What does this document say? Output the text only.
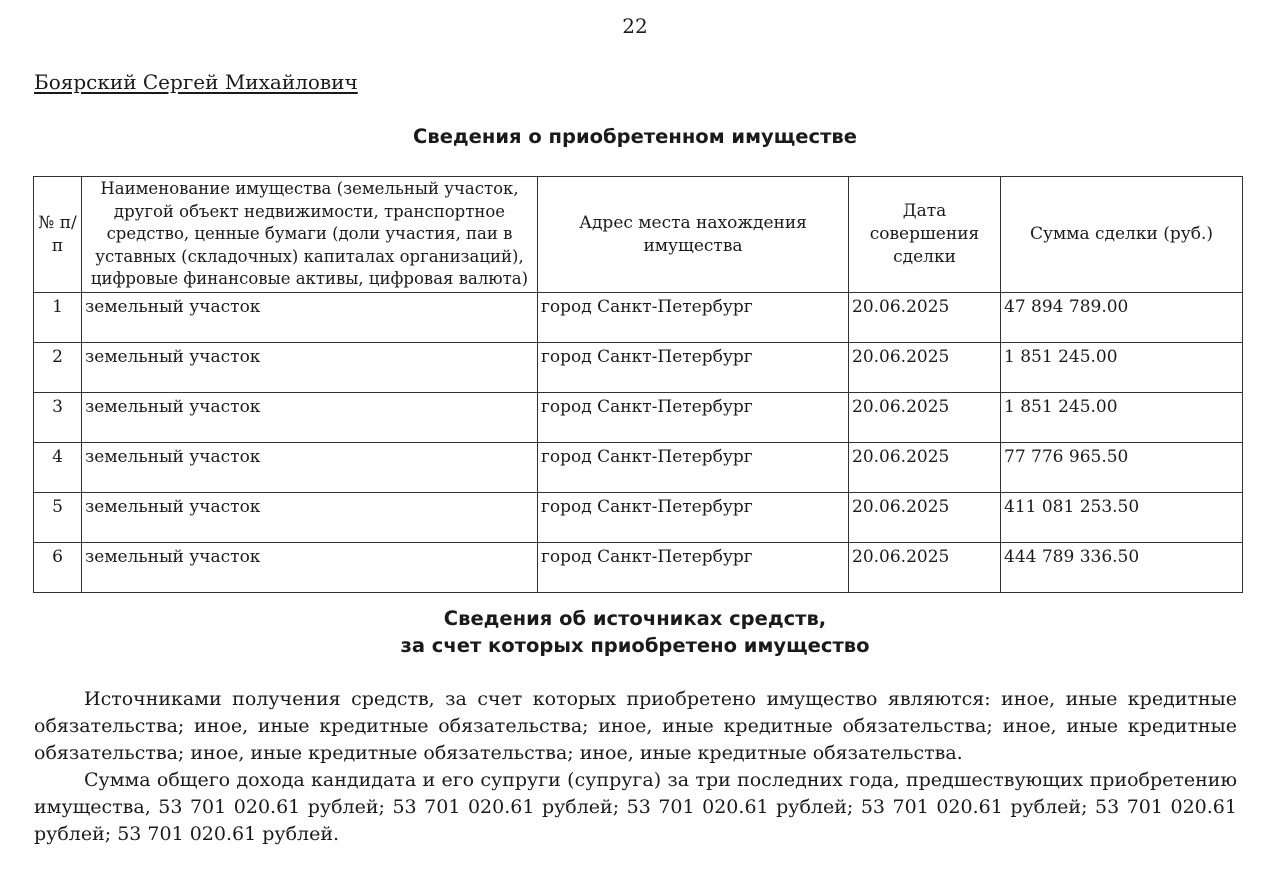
22
Боярский Сергей Михайлович
Сведения о приобретенном имуществе
№ п/п	Наименование имущества (земельный участок, другой объект недвижимости, транспортное средство, ценные бумаги (доли участия, паи в уставных (складочных) капиталах организаций), цифровые финансовые активы, цифровая валюта)	Адрес места нахождения имущества	Дата совершения сделки	Сумма сделки (руб.)
1	земельный участок	город Санкт-Петербург	20.06.2025	47 894 789.00
2	земельный участок	город Санкт-Петербург	20.06.2025	1 851 245.00
3	земельный участок	город Санкт-Петербург	20.06.2025	1 851 245.00
4	земельный участок	город Санкт-Петербург	20.06.2025	77 776 965.50
5	земельный участок	город Санкт-Петербург	20.06.2025	411 081 253.50
6	земельный участок	город Санкт-Петербург	20.06.2025	444 789 336.50
Сведения об источниках средств,
за счет которых приобретено имущество

Источниками получения средств, за счет которых приобретено имущество являются: иное, иные кредитные обязательства; иное, иные кредитные обязательства; иное, иные кредитные обязательства; иное, иные кредитные обязательства; иное, иные кредитные обязательства; иное, иные кредитные обязательства.

Сумма общего дохода кандидата и его супруги (супруга) за три последних года, предшествующих приобретению имущества, 53 701 020.61 рублей; 53 701 020.61 рублей; 53 701 020.61 рублей; 53 701 020.61 рублей; 53 701 020.61 рублей; 53 701 020.61 рублей.
